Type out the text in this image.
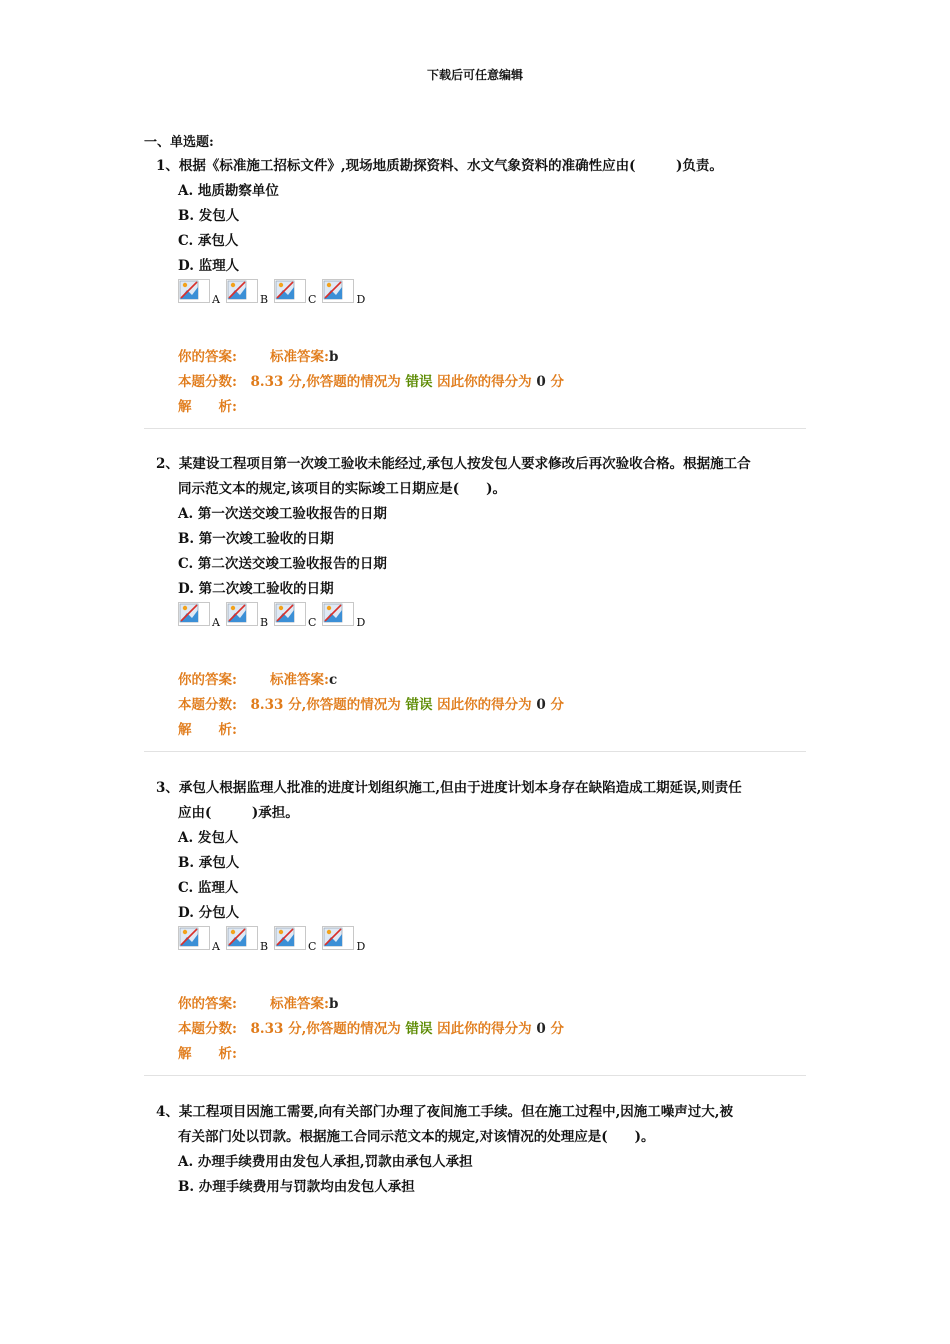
下载后可任意编辑
一、单选题:
1、根据《标准施工招标文件》,现场地质勘探资料、水文气象资料的准确性应由(　　　)负责。
A. 地质勘察单位
B. 发包人
C. 承包人
D. 监理人
A	B	C	D
你的答案: 标准答案:b
本题分数:　 8.33 分,你答题的情况为 错误 因此你的得分为 0 分
解　　析:
2、某建设工程项目第一次竣工验收未能经过,承包人按发包人要求修改后再次验收合格。根据施工合
同示范文本的规定,该项目的实际竣工日期应是(　　)。
A. 第一次送交竣工验收报告的日期
B. 第一次竣工验收的日期
C. 第二次送交竣工验收报告的日期
D. 第二次竣工验收的日期
A	B	C	D
你的答案: 标准答案:c
本题分数:　 8.33 分,你答题的情况为 错误 因此你的得分为 0 分
解　　析:
3、承包人根据监理人批准的进度计划组织施工,但由于进度计划本身存在缺陷造成工期延误,则责任
应由(　　　)承担。
A. 发包人
B. 承包人
C. 监理人
D. 分包人
A	B	C	D
你的答案: 标准答案:b
本题分数:　 8.33 分,你答题的情况为 错误 因此你的得分为 0 分
解　　析:
4、某工程项目因施工需要,向有关部门办理了夜间施工手续。但在施工过程中,因施工噪声过大,被
有关部门处以罚款。根据施工合同示范文本的规定,对该情况的处理应是(　　)。
A. 办理手续费用由发包人承担,罚款由承包人承担
B. 办理手续费用与罚款均由发包人承担
